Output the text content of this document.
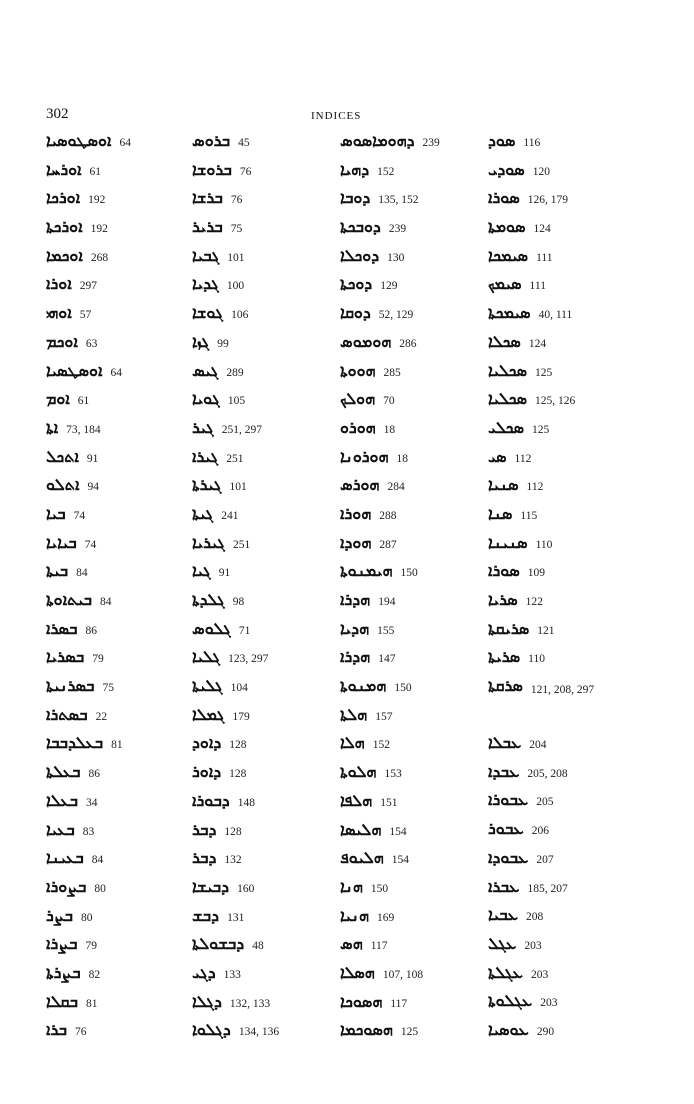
302	INDICES
ܐܘܣܛܘܣܝܐ 64
ܐܘܪܚܐ 61
ܐܘܪܟܐ 192
ܐܘܪܟܬܐ 192
ܐܘܟܡܐ 268
ܐܘܪܐ 297
ܐܘܗܝ 57
ܐܘܟܡ 63
ܐܘܣܛܣܝܐ 64
ܐܘܡ 61
ܐܬܐ 73, 184
ܐܬܟܠ 91
ܐܬܠܘ 94
ܒܝܐ 74
ܒܝܐܝܐ 74
ܒܝܬܐ 84
ܒܝܬܐܘܬܐ 84
ܒܣܪܐ 86
ܒܣܪܝܐ 79
ܒܣܪܢܝܬܐ 75
ܒܣܬܪܐ 22
ܒܥܠܕܒܒܐ 81
ܒܥܠܬܐ 86
ܒܥܠܐ 34
ܒܥܝܐ 83
ܒܥܝܢܐ 84
ܒܨܘܪܐ 80
ܒܨܪ 80
ܒܨܪܐ 79
ܒܨܪܬܐ 82
ܒܩܠܐ 81
ܒܪܐ 76
ܒܪܘܣ 45
ܒܪܘܫܐ 76
ܒܪܫܐ 76
ܒܪܝܪ 75
ܓܒܝܐ 101
ܓܕܝܐ 100
ܓܘܫܐ 106
ܓܙܐ 99
ܓܝܣ 289
ܓܘܝܐ 105
ܓܝܪ 251, 297
ܓܝܪܐ 251
ܓܝܪܬܐ 101
ܓܝܬܐ 241
ܓܝܪܝܐ 251
ܓܝܐ 91
ܓܠܕܬܐ 98
ܓܠܘܣ 71
ܓܠܝܐ 123, 297
ܓܠܝܬܐ 104
ܓܡܠܐ 179
ܕܐܘܕ 128
ܕܐܘܪ 128
ܕܒܘܪܐ 148
ܕܒܪ 128
ܕܒܪ 132
ܕܒܝܫܐ 160
ܕܒܫ 131
ܕܒܫܘܠܬܐ 48
ܕܓܝ 133
ܕܓܠܐ 132, 133
ܕܓܠܘܐ 134, 136
ܕܗܘܡܐܣܘܣ 239
ܕܗܝܐ 152
ܕܘܒܐ 135, 152
ܕܘܒܟܬܐ 239
ܕܘܟܠܐ 130
ܕܘܟܬܐ 129
ܕܘܩܐ 52, 129
ܗܘܡܘܣ 286
ܗܘܘܬܐ 285
ܗܘܠܟ 70
ܗܘܪܘ 18
ܗܘܪܘܢܐ 18
ܗܘܪܣ 284
ܗܘܪܐ 288
ܗܘܕܐ 287
ܗܝܡܢܘܬܐ 150
ܗܕܪܐ 194
ܗܕܝܐ 155
ܗܕܪܐ 147
ܗܡܢܘܬܐ 150
ܗܠܬܐ 157
ܗܠܐ 152
ܗܠܘܬܐ 153
ܗܠܦܐ 151
ܗܠܝܣܐ 154
ܗܠܝܘܦ 154
ܗܢܐ 150
ܗܢܝܐ 169
ܗܣ 117
ܗܣܠܐ 107, 108
ܗܣܘܟܐ 117
ܗܣܘܟܡܐ 125
ܣܘܕ 116
ܣܘܕܝ 120
ܣܘܪܐ 126, 179
ܣܘܡܬܐ 124
ܣܝܡܟܐ 111
ܣܝܡܟ 111
ܣܝܡܟܬܐ 40, 111
ܣܟܠܐ 124
ܣܟܠܝܐ 125
ܣܟܠܝܐ 125, 126
ܣܟܠܝ 125
ܣܝ 112
ܣܢܝܐ 112
ܣܢܐ 115
ܣܢܝܢܐ 110
ܣܘܪܐ 109
ܣܪܝܐ 122
ܣܪܝܩܬܐ 121
ܣܪܝܬܐ 110
ܣܪܩܬܐ 121, 208, 297
ܥܒܠܐ 204
ܥܒܕܐ 205, 208
ܥܒܘܪܐ 205
ܥܒܘܪ 206
ܥܒܘܕܐ 207
ܥܒܪܐ 185, 207
ܥܒܝܐ 208
ܥܓܠ 203
ܥܓܠܬܐ 203
ܥܓܠܘܬܐ 203
ܥܘܣܝܐ 290
